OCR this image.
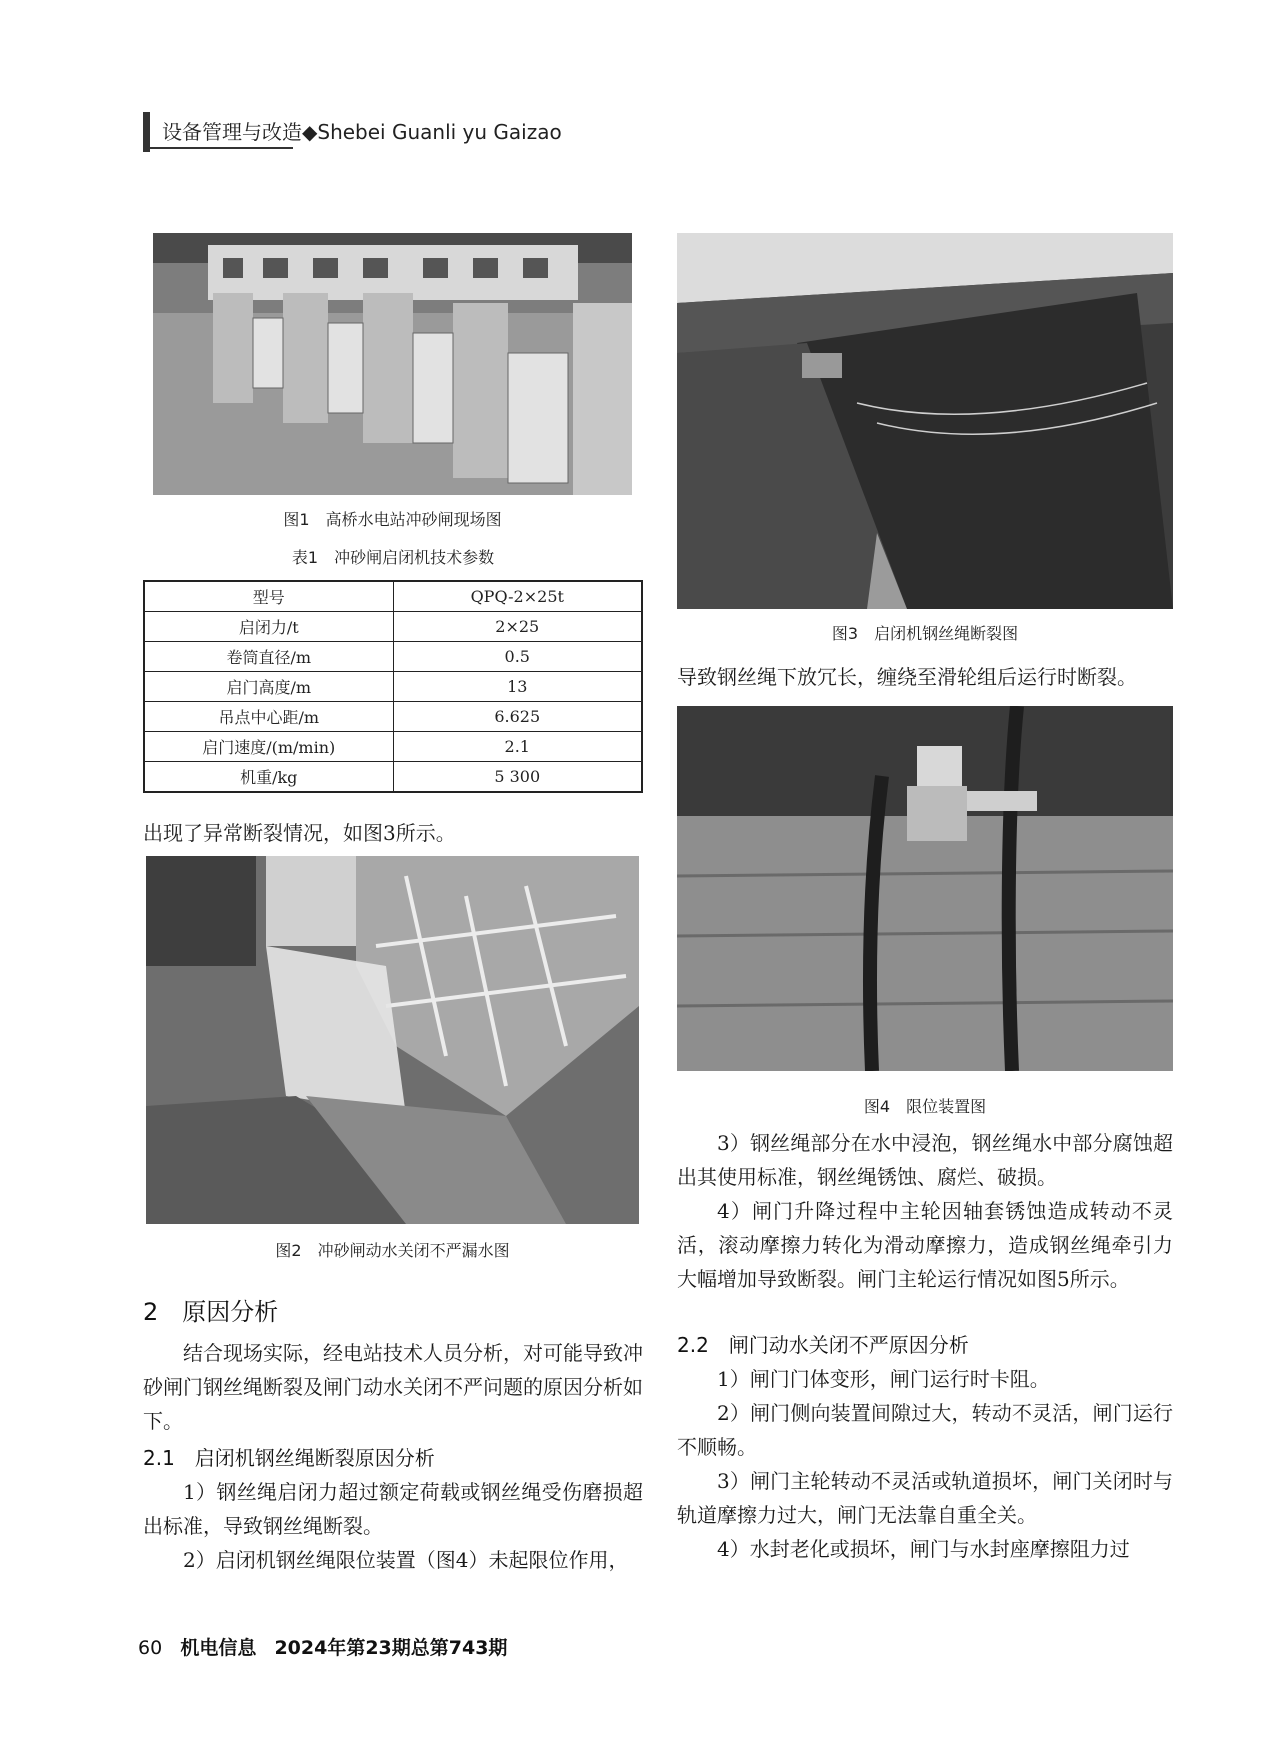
设备管理与改造◆Shebei Guanli yu Gaizao
图1　高桥水电站冲砂闸现场图
表1　冲砂闸启闭机技术参数
型号	QPQ-2×25t
启闭力/t	2×25
卷筒直径/m	0.5
启门高度/m	13
吊点中心距/m	6.625
启门速度/(m/min)	2.1
机重/kg	5 300

出现了异常断裂情况，如图3所示。

图2　冲砂闸动水关闭不严漏水图
2　原因分析

结合现场实际，经电站技术人员分析，对可能导致冲砂闸门钢丝绳断裂及闸门动水关闭不严问题的原因分析如下。

2.1　启闭机钢丝绳断裂原因分析

1）钢丝绳启闭力超过额定荷载或钢丝绳受伤磨损超出标准，导致钢丝绳断裂。

2）启闭机钢丝绳限位装置（图4）未起限位作用，

图3　启闭机钢丝绳断裂图

导致钢丝绳下放冗长，缠绕至滑轮组后运行时断裂。

图4　限位装置图

3）钢丝绳部分在水中浸泡，钢丝绳水中部分腐蚀超出其使用标准，钢丝绳锈蚀、腐烂、破损。

4）闸门升降过程中主轮因轴套锈蚀造成转动不灵活，滚动摩擦力转化为滑动摩擦力，造成钢丝绳牵引力大幅增加导致断裂。闸门主轮运行情况如图5所示。

2.2　闸门动水关闭不严原因分析

1）闸门门体变形，闸门运行时卡阻。

2）闸门侧向装置间隙过大，转动不灵活，闸门运行不顺畅。

3）闸门主轮转动不灵活或轨道损坏，闸门关闭时与轨道摩擦力过大，闸门无法靠自重全关。

4）水封老化或损坏，闸门与水封座摩擦阻力过

60 机电信息 2024年第23期总第743期
